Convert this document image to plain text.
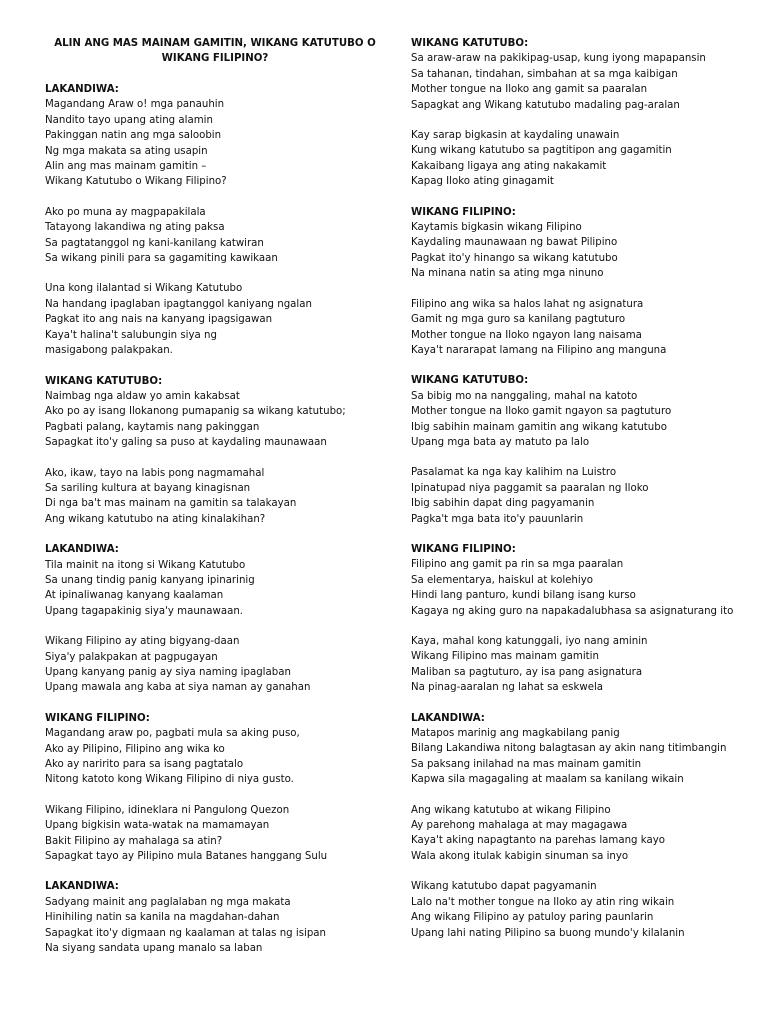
ALIN ANG MAS MAINAM GAMITIN, WIKANG KATUTUBO O
WIKANG FILIPINO?
LAKANDIWA:
Magandang Araw o! mga panauhin
Nandito tayo upang ating alamin
Pakinggan natin ang mga saloobin
Ng mga makata sa ating usapin
Alin ang mas mainam gamitin –
Wikang Katutubo o Wikang Filipino?
Ako po muna ay magpapakilala
Tatayong lakandiwa ng ating paksa
Sa pagtatanggol ng kani-kanilang katwiran
Sa wikang pinili para sa gagamiting kawikaan
Una kong ilalantad si Wikang Katutubo
Na handang ipaglaban ipagtanggol kaniyang ngalan
Pagkat ito ang nais na kanyang ipagsigawan
Kaya't halina't salubungin siya ng
masigabong palakpakan.
WIKANG KATUTUBO:
Naimbag nga aldaw yo amin kakabsat
Ako po ay isang Ilokanong pumapanig sa wikang katutubo;
Pagbati palang, kaytamis nang pakinggan
Sapagkat ito'y galing sa puso at kaydaling maunawaan
Ako, ikaw, tayo na labis pong nagmamahal
Sa sariling kultura at bayang kinagisnan
Di nga ba't mas mainam na gamitin sa talakayan
Ang wikang katutubo na ating kinalakihan?
LAKANDIWA:
Tila mainit na itong si Wikang Katutubo
Sa unang tindig panig kanyang ipinarinig
At ipinaliwanag kanyang kaalaman
Upang tagapakinig siya'y maunawaan.
Wikang Filipino ay ating bigyang-daan
Siya'y palakpakan at pagpugayan
Upang kanyang panig ay siya naming ipaglaban
Upang mawala ang kaba at siya naman ay ganahan
WIKANG FILIPINO:
Magandang araw po, pagbati mula sa aking puso,
Ako ay Pilipino, Filipino ang wika ko
Ako ay naririto para sa isang pagtatalo
Nitong katoto kong Wikang Filipino di niya gusto.
Wikang Filipino, idineklara ni Pangulong Quezon
Upang bigkisin wata-watak na mamamayan
Bakit Filipino ay mahalaga sa atin?
Sapagkat tayo ay Pilipino mula Batanes hanggang Sulu
LAKANDIWA:
Sadyang mainit ang paglalaban ng mga makata
Hinihiling natin sa kanila na magdahan-dahan
Sapagkat ito'y digmaan ng kaalaman at talas ng isipan
Na siyang sandata upang manalo sa laban
WIKANG KATUTUBO:
Sa araw-araw na pakikipag-usap, kung iyong mapapansin
Sa tahanan, tindahan, simbahan at sa mga kaibigan
Mother tongue na Iloko ang gamit sa paaralan
Sapagkat ang Wikang katutubo madaling pag-aralan
Kay sarap bigkasin at kaydaling unawain
Kung wikang katutubo sa pagtitipon ang gagamitin
Kakaibang ligaya ang ating nakakamit
Kapag Iloko ating ginagamit
WIKANG FILIPINO:
Kaytamis bigkasin wikang Filipino
Kaydaling maunawaan ng bawat Pilipino
Pagkat ito'y hinango sa wikang katutubo
Na minana natin sa ating mga ninuno
Filipino ang wika sa halos lahat ng asignatura
Gamit ng mga guro sa kanilang pagtuturo
Mother tongue na Iloko ngayon lang naisama
Kaya't nararapat lamang na Filipino ang manguna
WIKANG KATUTUBO:
Sa bibig mo na nanggaling, mahal na katoto
Mother tongue na Iloko gamit ngayon sa pagtuturo
Ibig sabihin mainam gamitin ang wikang katutubo
Upang mga bata ay matuto pa lalo
Pasalamat ka nga kay kalihim na Luistro
Ipinatupad niya paggamit sa paaralan ng Iloko
Ibig sabihin dapat ding pagyamanin
Pagka't mga bata ito'y pauunlarin
WIKANG FILIPINO:
Filipino ang gamit pa rin sa mga paaralan
Sa elementarya, haiskul at kolehiyo
Hindi lang panturo, kundi bilang isang kurso
Kagaya ng aking guro na napakadalubhasa sa asignaturang ito
Kaya, mahal kong katunggali, iyo nang aminin
Wikang Filipino mas mainam gamitin
Maliban sa pagtuturo, ay isa pang asignatura
Na pinag-aaralan ng lahat sa eskwela
LAKANDIWA:
Matapos marinig ang magkabilang panig
Bilang Lakandiwa nitong balagtasan ay akin nang titimbangin
Sa paksang inilahad na mas mainam gamitin
Kapwa sila magagaling at maalam sa kanilang wikain
Ang wikang katutubo at wikang Filipino
Ay parehong mahalaga at may magagawa
Kaya't aking napagtanto na parehas lamang kayo
Wala akong itulak kabigin sinuman sa inyo
Wikang katutubo dapat pagyamanin
Lalo na't mother tongue na Iloko ay atin ring wikain
Ang wikang Filipino ay patuloy paring paunlarin
Upang lahi nating Pilipino sa buong mundo'y kilalanin
